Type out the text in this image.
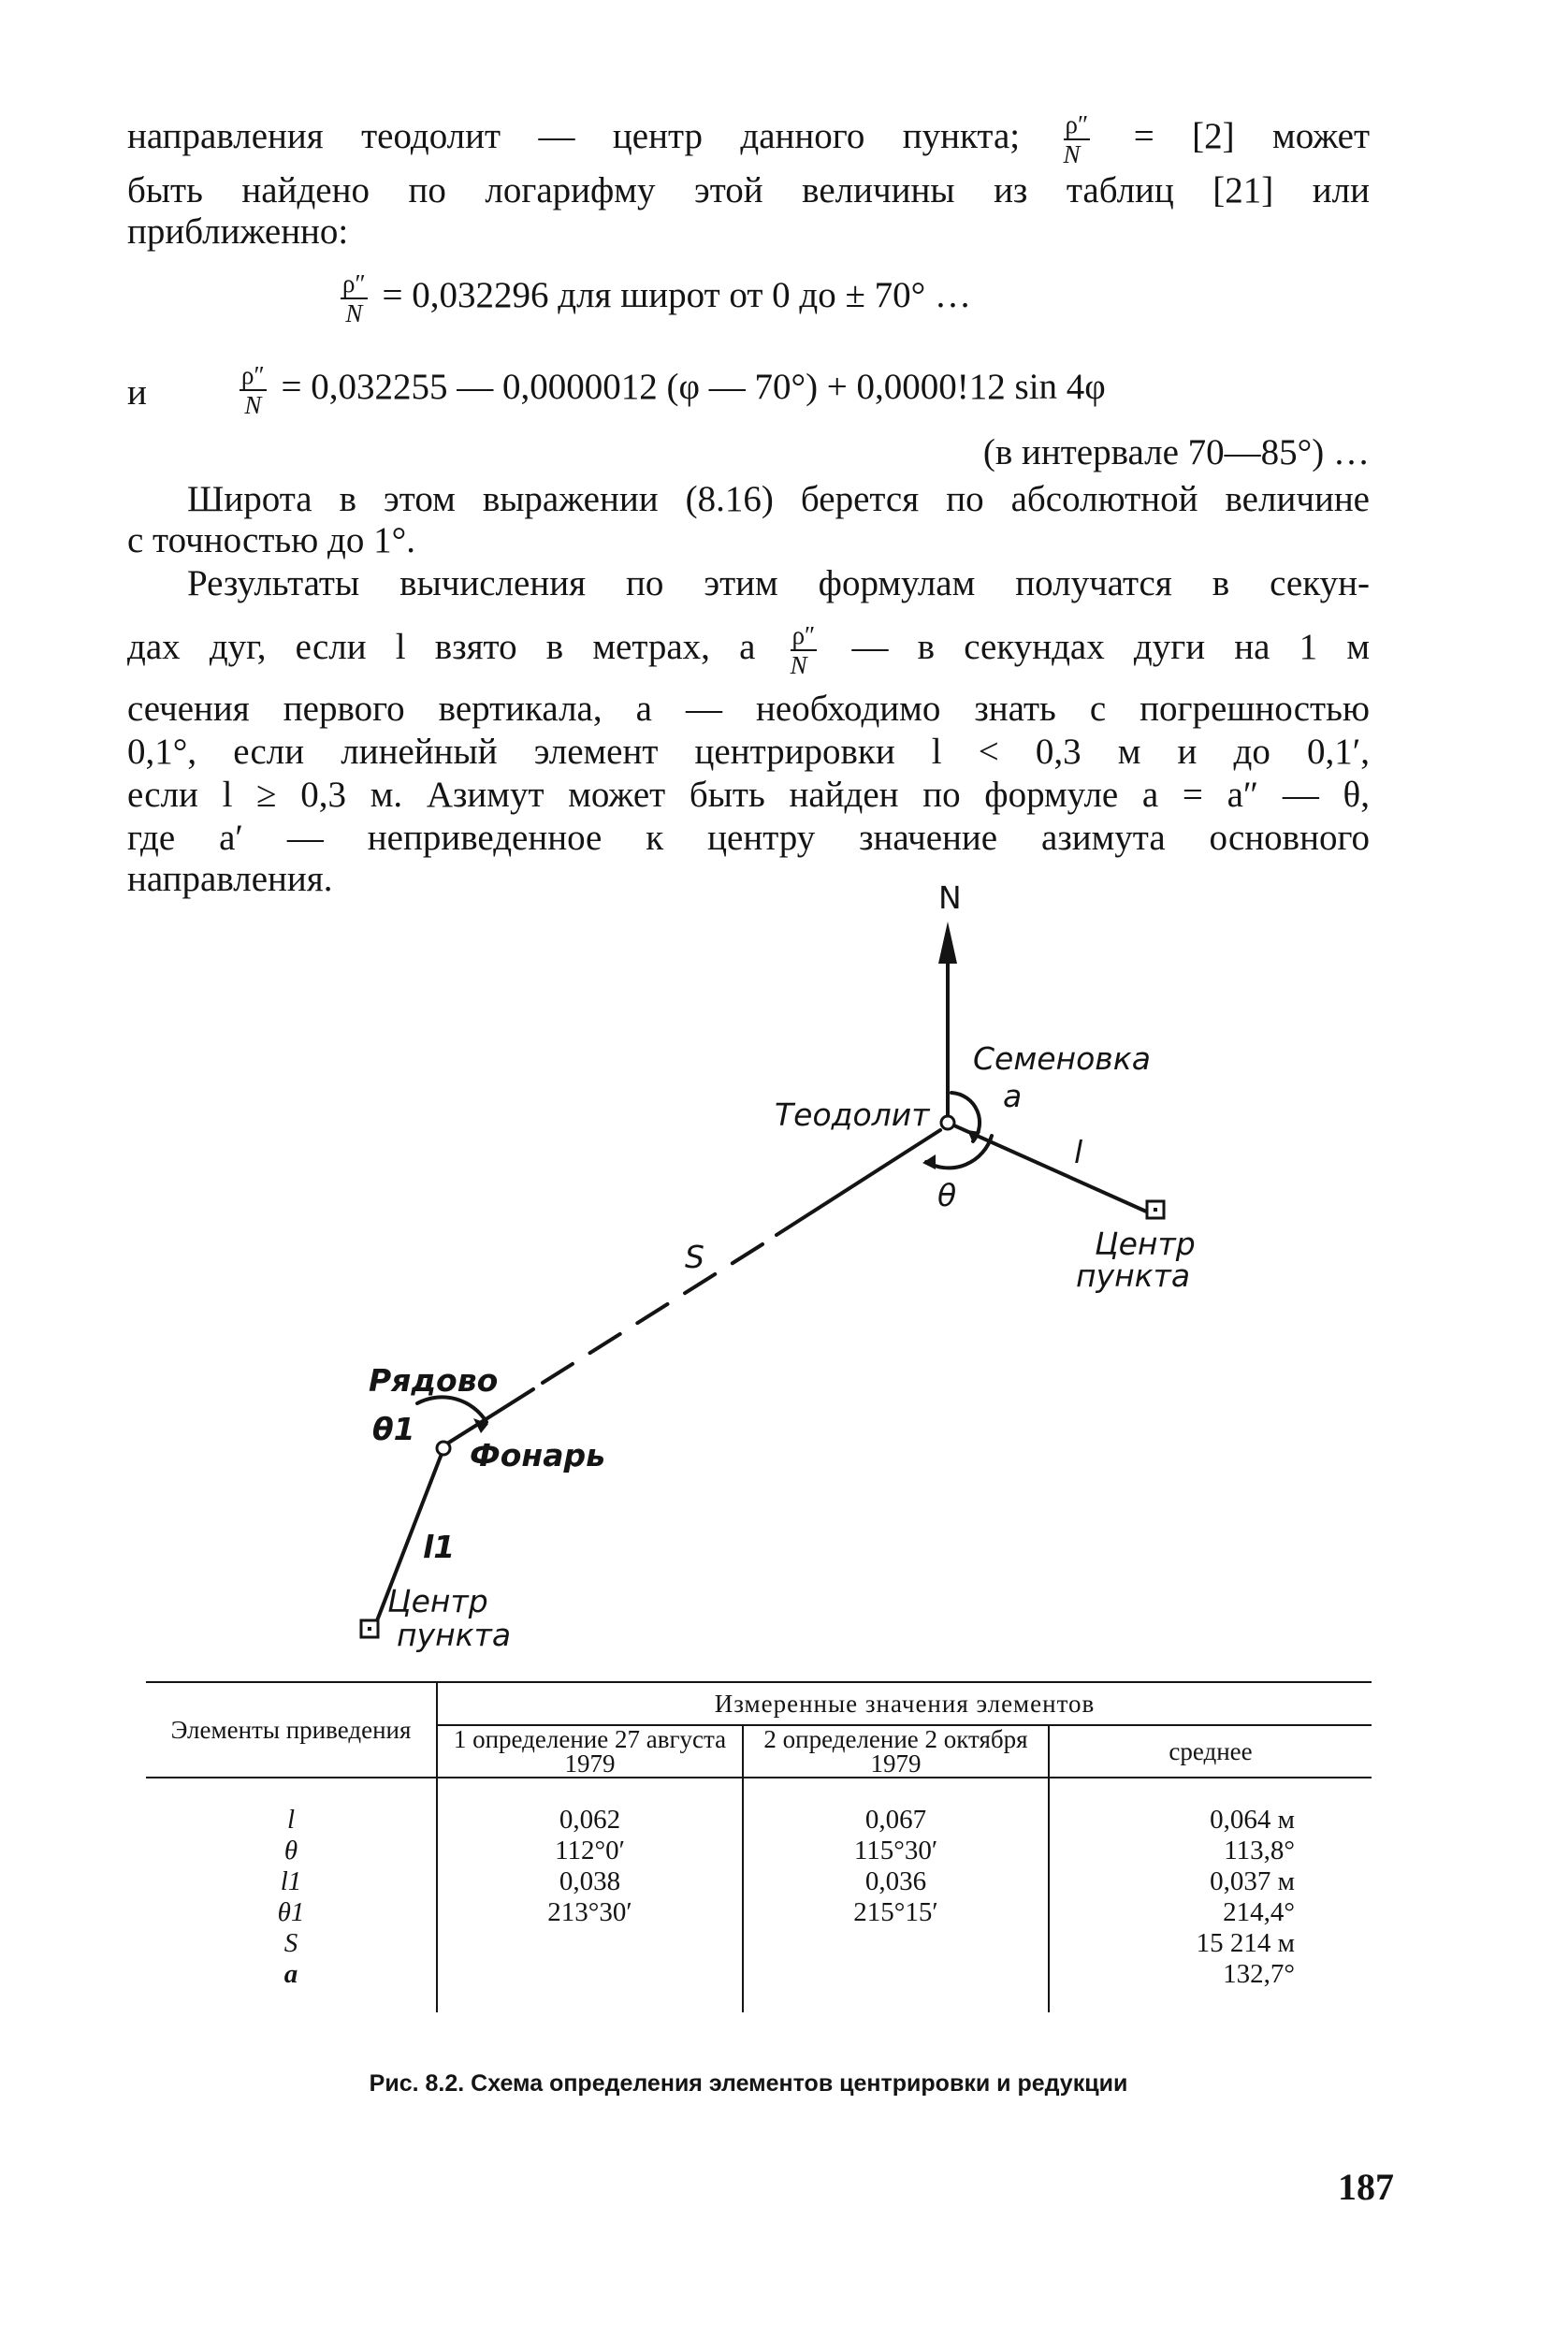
направления теодолит — центр данного пункта; $\frac{\rho''}{N} = [2]$ может
быть найдено по логарифму этой величины из таблиц [21] или
приближенно:
$\frac{\rho''}{N} = 0,032296$ для широт от 0 до ± 70° …
и	$\frac{\rho''}{N} = 0,032255$ — 0,0000012 (φ — 70°) + 0,0000!12 sin 4φ
(в интервале 70—85°) …
Широта в этом выражении (8.16) берется по абсолютной величине
с точностью до 1°.
Результаты вычисления по этим формулам получатся в секун-
дах дуг, если l взято в метрах, а $\frac{\rho''}{N}$ — в секундах дуги на 1 м
сечения первого вертикала, a — необходимо знать с погрешностью
0,1°, если линейный элемент центрировки l < 0,3 м и до 0,1′,
если l ≥ 0,3 м. Азимут может быть найден по формуле a = a″ — θ,
где a′ — неприведенное к центру значение азимута основного
направления.	N
Семеновка
a
Теодолит
l
θ
Центр
пункта
S
Рядово
θ1
Фонарь
l1
Центр
пункта
Элементы приведения	Измеренные значения элементов		
	1 определение 27 августа 1979	2 определение 2 октября 1979	среднее

l	0,062	0,067	0,064 м
θ	112°0′	115°30′	113,8°
l1	0,038	0,036	0,037 м
θ1	213°30′	215°15′	214,4°
S			15 214 м
a			132,7°

Рис. 8.2. Схема определения элементов центрировки и редукции
187
